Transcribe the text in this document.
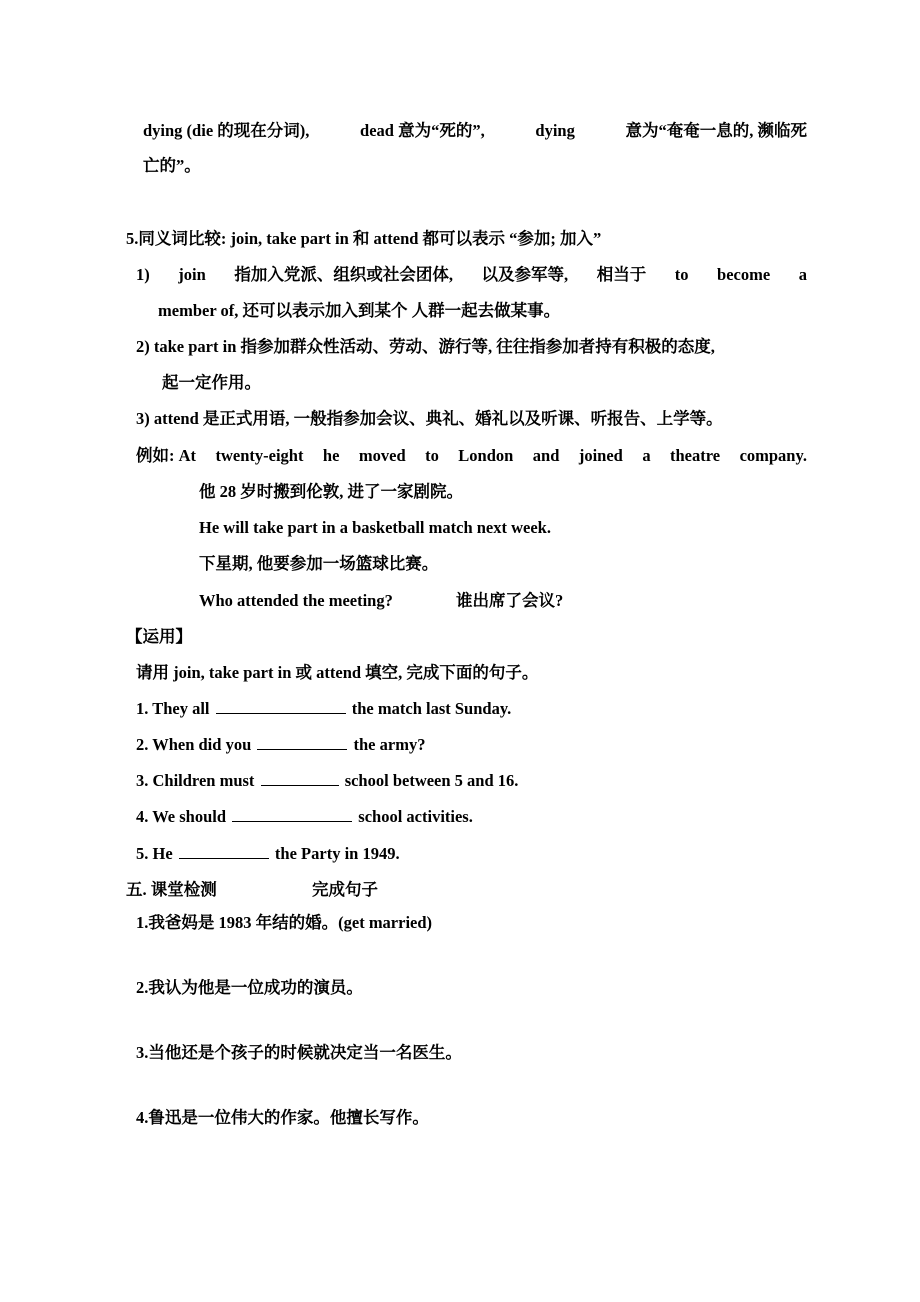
dying (die 的现在分词),	dead 意为“死的”,	dying	意为“奄奄一息的, 濒临死
亡的”。
5.同义词比较: join, take part in 和 attend 都可以表示 “参加; 加入”
1) join 指加入党派、组织或社会团体, 以及参军等, 相当于 to become a
member of, 还可以表示加入到某个 人群一起去做某事。
2) take part in 指参加群众性活动、劳动、游行等, 往往指参加者持有积极的态度,
起一定作用。
3) attend 是正式用语, 一般指参加会议、典礼、婚礼以及听课、听报告、上学等。
例如: At twenty-eight he moved to London and joined a theatre company.
他 28 岁时搬到伦敦, 进了一家剧院。
He will take part in a basketball match next week.
下星期, 他要参加一场篮球比赛。
Who attended the meeting?	谁出席了会议?
【运用】
请用 join, take part in 或 attend 填空, 完成下面的句子。
1. They all	the match last Sunday.
2. When did you	the army?
3. Children must	school between 5 and 16.
4. We should	school activities.
5. He	the Party in 1949.
五. 课堂检测	完成句子
1.我爸妈是 1983 年结的婚。(get married)
2.我认为他是一位成功的演员。
3.当他还是个孩子的时候就决定当一名医生。
4.鲁迅是一位伟大的作家。他擅长写作。
